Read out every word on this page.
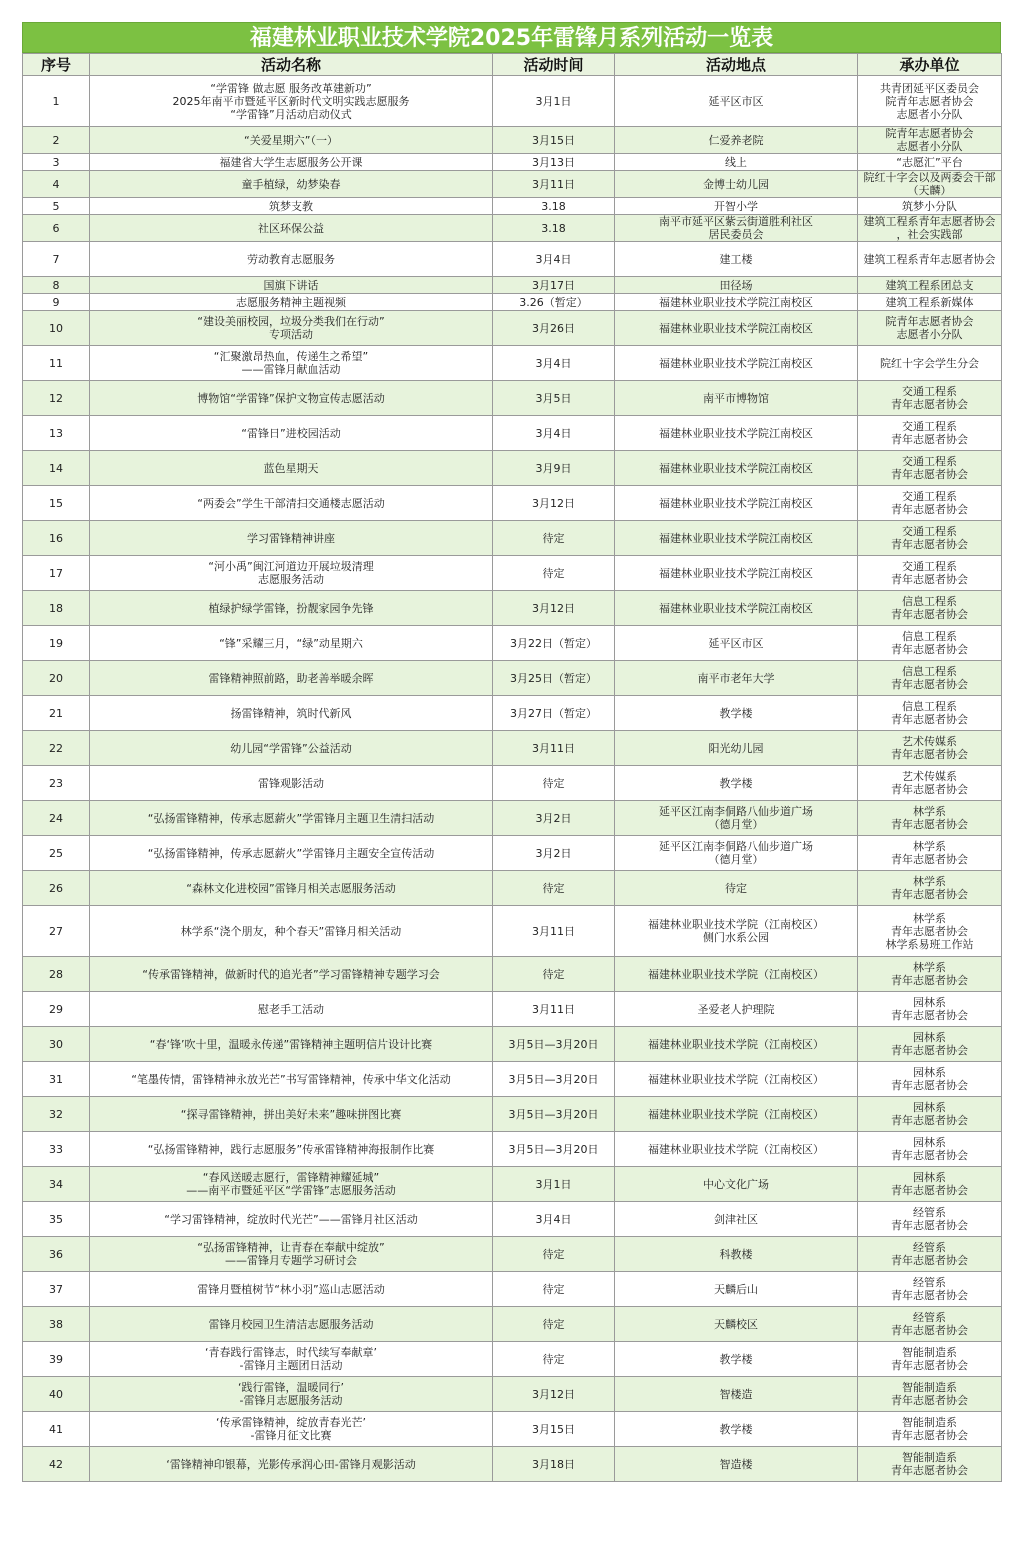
福建林业职业技术学院2025年雷锋月系列活动一览表
序号	活动名称	活动时间	活动地点	承办单位
1	“学雷锋 做志愿 服务改革建新功”
2025年南平市暨延平区新时代文明实践志愿服务
“学雷锋”月活动启动仪式	3月1日	延平区市区	共青团延平区委员会
院青年志愿者协会
志愿者小分队

2	“关爱星期六”（一）	3月15日	仁爱养老院	院青年志愿者协会
志愿者小分队

3	福建省大学生志愿服务公开课	3月13日	线上	“志愿汇”平台

4	童手植绿，幼梦染春	3月11日	金博士幼儿园	院红十字会以及两委会干部
（天麟）

5	筑梦支教	3.18	开智小学	筑梦小分队

6	社区环保公益	3.18	南平市延平区紫云街道胜利社区
居民委员会	建筑工程系青年志愿者协会
，社会实践部

7	劳动教育志愿服务	3月4日	建工楼	建筑工程系青年志愿者协会

8	国旗下讲话	3月17日	田径场	建筑工程系团总支

9	志愿服务精神主题视频	3.26（暂定）	福建林业职业技术学院江南校区	建筑工程系新媒体

10	“建设美丽校园，垃圾分类我们在行动”
专项活动	3月26日	福建林业职业技术学院江南校区	院青年志愿者协会
志愿者小分队

11	“汇聚激昂热血，传递生之希望”
——雷锋月献血活动	3月4日	福建林业职业技术学院江南校区	院红十字会学生分会

12	博物馆“学雷锋”保护文物宣传志愿活动	3月5日	南平市博物馆	交通工程系
青年志愿者协会

13	“雷锋日”进校园活动	3月4日	福建林业职业技术学院江南校区	交通工程系
青年志愿者协会

14	蓝色星期天	3月9日	福建林业职业技术学院江南校区	交通工程系
青年志愿者协会

15	“两委会”学生干部清扫交通楼志愿活动	3月12日	福建林业职业技术学院江南校区	交通工程系
青年志愿者协会

16	学习雷锋精神讲座	待定	福建林业职业技术学院江南校区	交通工程系
青年志愿者协会

17	“河小禹”闽江河道边开展垃圾清理
志愿服务活动	待定	福建林业职业技术学院江南校区	交通工程系
青年志愿者协会

18	植绿护绿学雷锋，扮靓家园争先锋	3月12日	福建林业职业技术学院江南校区	信息工程系
青年志愿者协会

19	“锋”采耀三月，“绿”动星期六	3月22日（暂定）	延平区市区	信息工程系
青年志愿者协会

20	雷锋精神照前路，助老善举暖余晖	3月25日（暂定）	南平市老年大学	信息工程系
青年志愿者协会

21	扬雷锋精神，筑时代新风	3月27日（暂定）	教学楼	信息工程系
青年志愿者协会

22	幼儿园“学雷锋”公益活动	3月11日	阳光幼儿园	艺术传媒系
青年志愿者协会

23	雷锋观影活动	待定	教学楼	艺术传媒系
青年志愿者协会

24	“弘扬雷锋精神，传承志愿薪火”学雷锋月主题卫生清扫活动	3月2日	延平区江南李侗路八仙步道广场
（德月堂）	林学系
青年志愿者协会

25	“弘扬雷锋精神，传承志愿薪火”学雷锋月主题安全宣传活动	3月2日	延平区江南李侗路八仙步道广场
（德月堂）	林学系
青年志愿者协会

26	“森林文化进校园”雷锋月相关志愿服务活动	待定	待定	林学系
青年志愿者协会

27	林学系“浇个朋友，种个春天”雷锋月相关活动	3月11日	福建林业职业技术学院（江南校区）
侧门水系公园	林学系
青年志愿者协会
林学系易班工作站

28	“传承雷锋精神，做新时代的追光者”学习雷锋精神专题学习会	待定	福建林业职业技术学院（江南校区）	林学系
青年志愿者协会

29	慰老手工活动	3月11日	圣爱老人护理院	园林系
青年志愿者协会

30	“春‘锋’吹十里，温暖永传递”雷锋精神主题明信片设计比赛	3月5日—3月20日	福建林业职业技术学院（江南校区）	园林系
青年志愿者协会

31	“笔墨传情，雷锋精神永放光芒”书写雷锋精神，传承中华文化活动	3月5日—3月20日	福建林业职业技术学院（江南校区）	园林系
青年志愿者协会

32	“探寻雷锋精神，拼出美好未来”趣味拼图比赛	3月5日—3月20日	福建林业职业技术学院（江南校区）	园林系
青年志愿者协会

33	“弘扬雷锋精神，践行志愿服务”传承雷锋精神海报制作比赛	3月5日—3月20日	福建林业职业技术学院（江南校区）	园林系
青年志愿者协会

34	“春风送暖志愿行，雷锋精神耀延城”
——南平市暨延平区“学雷锋”志愿服务活动	3月1日	中心文化广场	园林系
青年志愿者协会

35	“学习雷锋精神，绽放时代光芒”——雷锋月社区活动	3月4日	剑津社区	经管系
青年志愿者协会

36	“弘扬雷锋精神，让青春在奉献中绽放”
——雷锋月专题学习研讨会	待定	科教楼	经管系
青年志愿者协会

37	雷锋月暨植树节“林小羽”巡山志愿活动	待定	天麟后山	经管系
青年志愿者协会

38	雷锋月校园卫生清洁志愿服务活动	待定	天麟校区	经管系
青年志愿者协会

39	‘青春践行雷锋志，时代续写奉献章’
-雷锋月主题团日活动	待定	教学楼	智能制造系
青年志愿者协会

40	‘践行雷锋，温暖同行’
-雷锋月志愿服务活动	3月12日	智楼造	智能制造系
青年志愿者协会

41	‘传承雷锋精神，绽放青春光芒’
-雷锋月征文比赛	3月15日	教学楼	智能制造系
青年志愿者协会

42	‘雷锋精神印银幕，光影传承润心田-雷锋月观影活动	3月18日	智造楼	智能制造系
青年志愿者协会
